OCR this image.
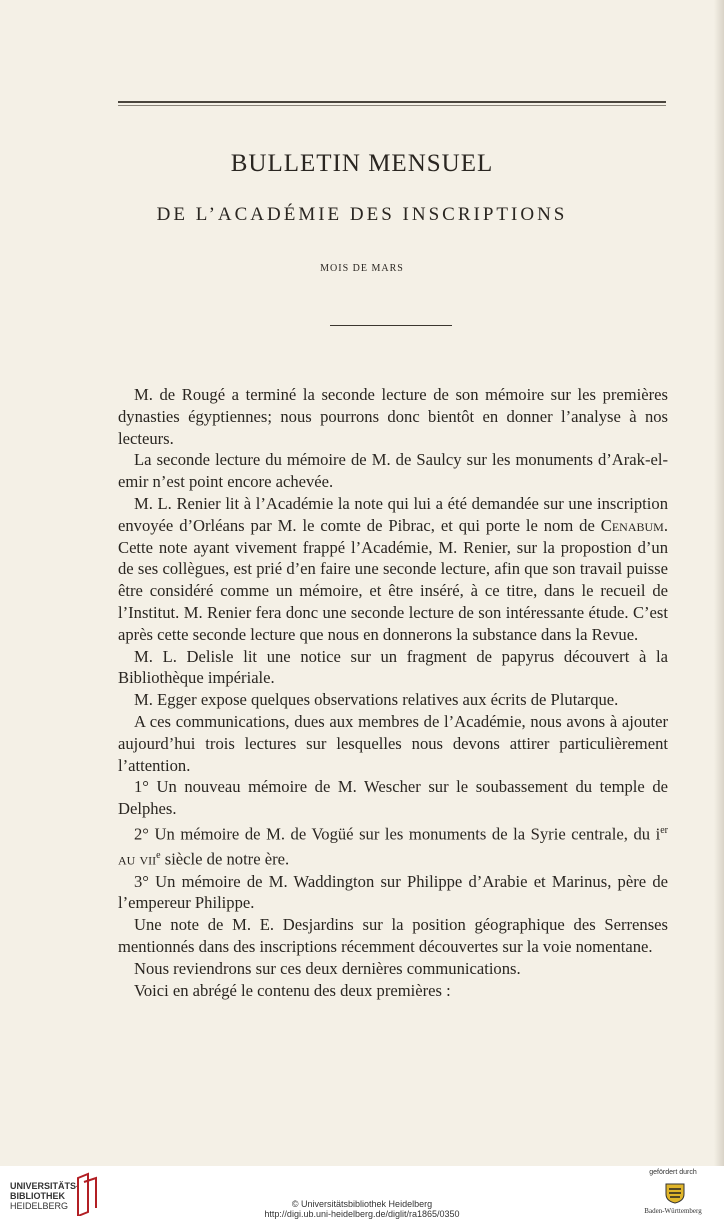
BULLETIN MENSUEL
DE L’ACADÉMIE DES INSCRIPTIONS
MOIS DE MARS

M. de Rougé a terminé la seconde lecture de son mémoire sur les premières dynasties égyptiennes; nous pourrons donc bientôt en donner l’analyse à nos lecteurs.

La seconde lecture du mémoire de M. de Saulcy sur les monuments d’Arak-el-emir n’est point encore achevée.

M. L. Renier lit à l’Académie la note qui lui a été demandée sur une inscription envoyée d’Orléans par M. le comte de Pibrac, et qui porte le nom de Cenabum. Cette note ayant vivement frappé l’Académie, M. Renier, sur la propostion d’un de ses collègues, est prié d’en faire une seconde lecture, afin que son travail puisse être considéré comme un mémoire, et être inséré, à ce titre, dans le recueil de l’Institut. M. Renier fera donc une seconde lecture de son intéressante étude. C’est après cette seconde lecture que nous en donnerons la substance dans la Revue.

M. L. Delisle lit une notice sur un fragment de papyrus découvert à la Bibliothèque impériale.

M. Egger expose quelques observations relatives aux écrits de Plutarque.

A ces communications, dues aux membres de l’Académie, nous avons à ajouter aujourd’hui trois lectures sur lesquelles nous devons attirer particulièrement l’attention.

1° Un nouveau mémoire de M. Wescher sur le soubassement du temple de Delphes.

2° Un mémoire de M. de Vogüé sur les monuments de la Syrie centrale, du $i^{er}$ au vii$^e$ siècle de notre ère.

3° Un mémoire de M. Waddington sur Philippe d’Arabie et Marinus, père de l’empereur Philippe.

Une note de M. E. Desjardins sur la position géographique des Serrenses mentionnés dans des inscriptions récemment découvertes sur la voie nomentane.

Nous reviendrons sur ces deux dernières communications.

Voici en abrégé le contenu des deux premières :

UNIVERSITÄTS-
BIBLIOTHEK
HEIDELBERG	© Universitätsbibliothek Heidelberg
http://digi.ub.uni-heidelberg.de/diglit/ra1865/0350
gefördert durch
Baden-Württemberg
